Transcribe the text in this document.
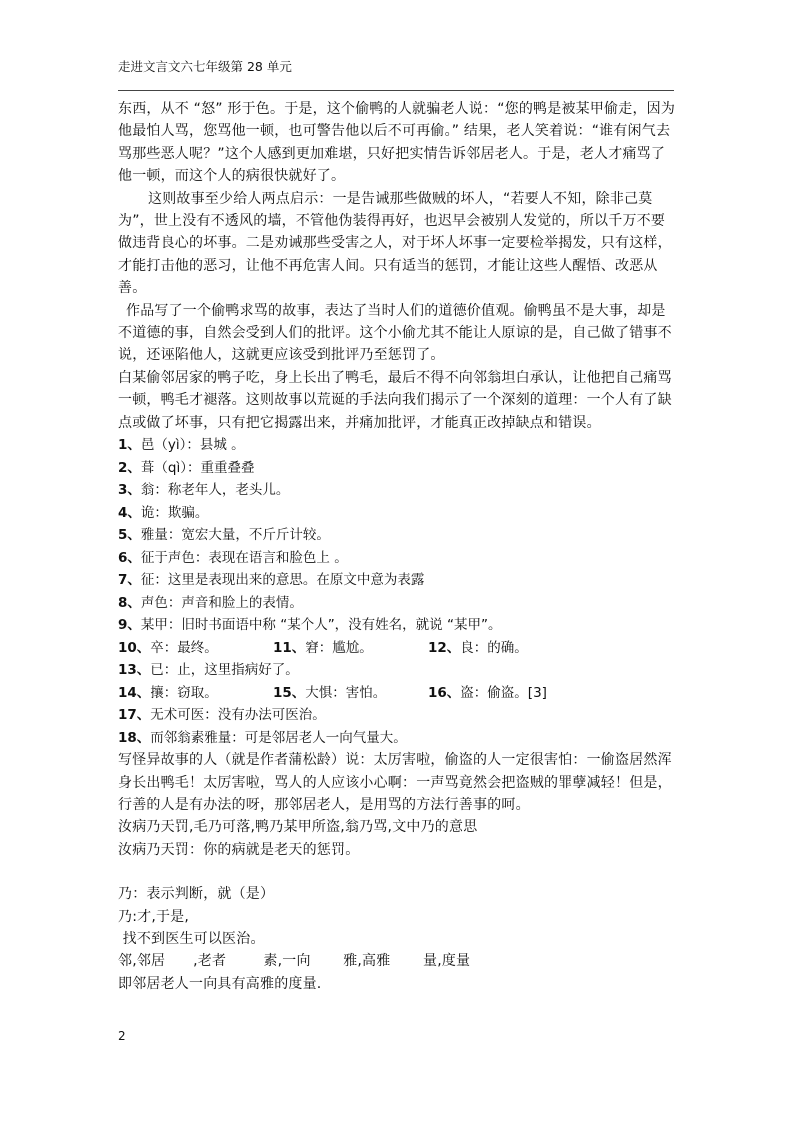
走进文言文六七年级第 28 单元

东西，从不 “怒” 形于色。于是，这个偷鸭的人就骗老人说：“您的鸭是被某甲偷走，因为他最怕人骂，您骂他一顿，也可警告他以后不可再偷。” 结果，老人笑着说：“谁有闲气去骂那些恶人呢？”这个人感到更加难堪，只好把实情告诉邻居老人。于是，老人才痛骂了他一顿，而这个人的病很快就好了。

这则故事至少给人两点启示：一是告诫那些做贼的坏人，“若要人不知，除非己莫为”，世上没有不透风的墙，不管他伪装得再好，也迟早会被别人发觉的，所以千万不要做违背良心的坏事。二是劝诫那些受害之人，对于坏人坏事一定要检举揭发，只有这样，才能打击他的恶习，让他不再危害人间。只有适当的惩罚，才能让这些人醒悟、改恶从善。

作品写了一个偷鸭求骂的故事，表达了当时人们的道德价值观。偷鸭虽不是大事，却是不道德的事，自然会受到人们的批评。这个小偷尤其不能让人原谅的是，自己做了错事不说，还诬陷他人，这就更应该受到批评乃至惩罚了。

白某偷邻居家的鸭子吃，身上长出了鸭毛，最后不得不向邻翁坦白承认，让他把自己痛骂一顿，鸭毛才褪落。这则故事以荒诞的手法向我们揭示了一个深刻的道理：一个人有了缺点或做了坏事，只有把它揭露出来，并痛加批评，才能真正改掉缺点和错误。

1、邑（yì）：县城 。

2、葺（qì）：重重叠叠

3、翁：称老年人，老头儿。

4、诡：欺骗。

5、雅量：宽宏大量，不斤斤计较。

6、征于声色：表现在语言和脸色上 。

7、征：这里是表现出来的意思。在原文中意为表露

8、声色：声音和脸上的表情。

9、某甲：旧时书面语中称 “某个人”，没有姓名，就说 “某甲”。

10、卒：最终。	11、窘：尴尬。	12、良：的确。

13、已：止，这里指病好了。

14、攘：窃取。	15、大惧：害怕。	16、盗：偷盗。[3]

17、无术可医：没有办法可医治。

18、而邻翁素雅量：可是邻居老人一向气量大。

写怪异故事的人（就是作者蒲松龄）说：太厉害啦，偷盗的人一定很害怕：一偷盗居然浑身长出鸭毛！太厉害啦，骂人的人应该小心啊：一声骂竟然会把盗贼的罪孽减轻！但是，行善的人是有办法的呀，那邻居老人，是用骂的方法行善事的呵。

汝病乃天罚,毛乃可落,鸭乃某甲所盗,翁乃骂,文中乃的意思

汝病乃天罚：你的病就是老天的惩罚。

乃：表示判断，就（是）

乃:才,于是,

找不到医生可以医治。

邻,邻居      ,老者        素,一向       雅,高雅       量,度量

即邻居老人一向具有高雅的度量.

2
